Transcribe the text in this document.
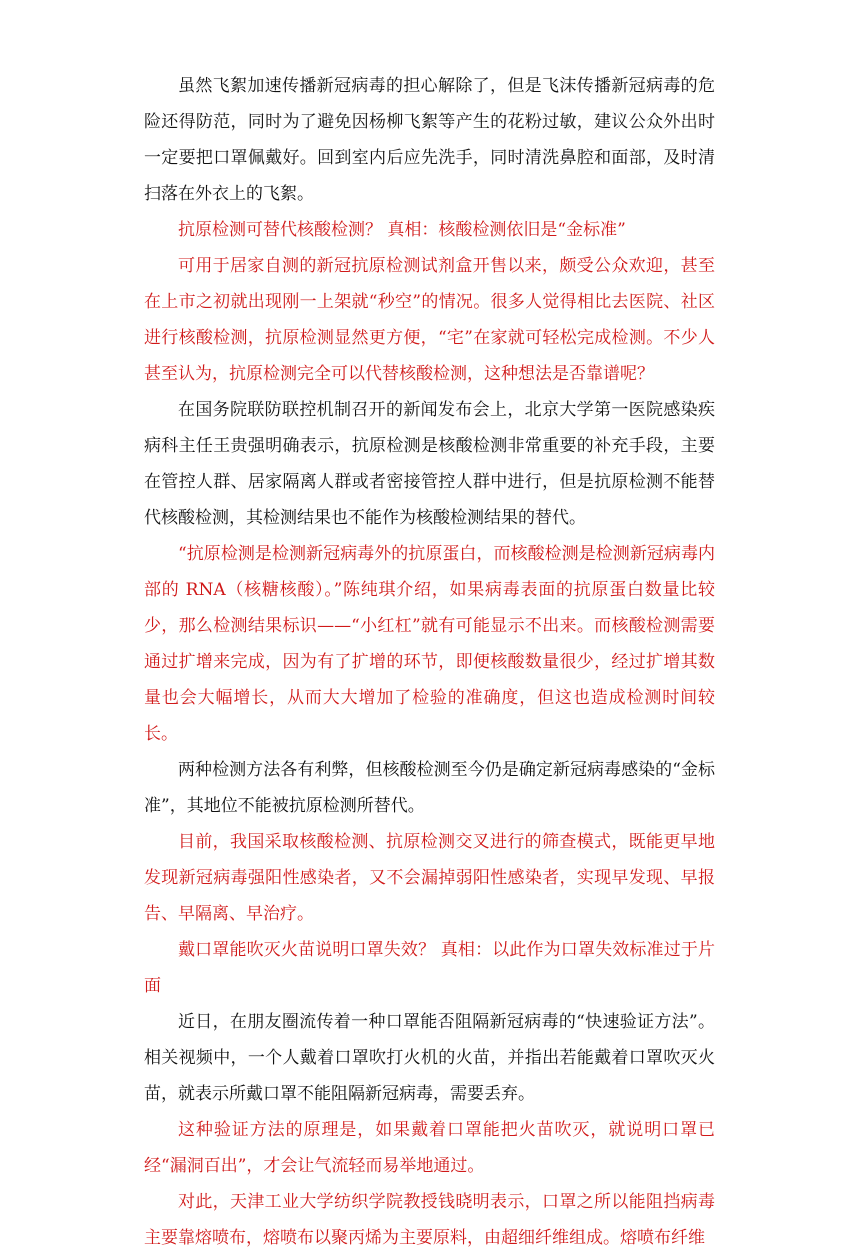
虽然飞絮加速传播新冠病毒的担心解除了，但是飞沫传播新冠病毒的危险还得防范，同时为了避免因杨柳飞絮等产生的花粉过敏，建议公众外出时一定要把口罩佩戴好。回到室内后应先洗手，同时清洗鼻腔和面部，及时清扫落在外衣上的飞絮。

抗原检测可替代核酸检测？ 真相：核酸检测依旧是“金标准”

可用于居家自测的新冠抗原检测试剂盒开售以来，颇受公众欢迎，甚至在上市之初就出现刚一上架就“秒空”的情况。很多人觉得相比去医院、社区进行核酸检测，抗原检测显然更方便，“宅”在家就可轻松完成检测。不少人甚至认为，抗原检测完全可以代替核酸检测，这种想法是否靠谱呢？

在国务院联防联控机制召开的新闻发布会上，北京大学第一医院感染疾病科主任王贵强明确表示，抗原检测是核酸检测非常重要的补充手段，主要在管控人群、居家隔离人群或者密接管控人群中进行，但是抗原检测不能替代核酸检测，其检测结果也不能作为核酸检测结果的替代。

“抗原检测是检测新冠病毒外的抗原蛋白，而核酸检测是检测新冠病毒内部的 RNA（核糖核酸）。”陈纯琪介绍，如果病毒表面的抗原蛋白数量比较少，那么检测结果标识——“小红杠”就有可能显示不出来。而核酸检测需要通过扩增来完成，因为有了扩增的环节，即便核酸数量很少，经过扩增其数量也会大幅增长，从而大大增加了检验的准确度，但这也造成检测时间较长。

两种检测方法各有利弊，但核酸检测至今仍是确定新冠病毒感染的“金标准”，其地位不能被抗原检测所替代。

目前，我国采取核酸检测、抗原检测交叉进行的筛查模式，既能更早地发现新冠病毒强阳性感染者，又不会漏掉弱阳性感染者，实现早发现、早报告、早隔离、早治疗。

戴口罩能吹灭火苗说明口罩失效？ 真相：以此作为口罩失效标准过于片面

近日，在朋友圈流传着一种口罩能否阻隔新冠病毒的“快速验证方法”。相关视频中，一个人戴着口罩吹打火机的火苗，并指出若能戴着口罩吹灭火苗，就表示所戴口罩不能阻隔新冠病毒，需要丢弃。

这种验证方法的原理是，如果戴着口罩能把火苗吹灭，就说明口罩已经“漏洞百出”，才会让气流轻而易举地通过。

对此，天津工业大学纺织学院教授钱晓明表示，口罩之所以能阻挡病毒主要靠熔喷布，熔喷布以聚丙烯为主要原料，由超细纤维组成。熔喷布纤维
